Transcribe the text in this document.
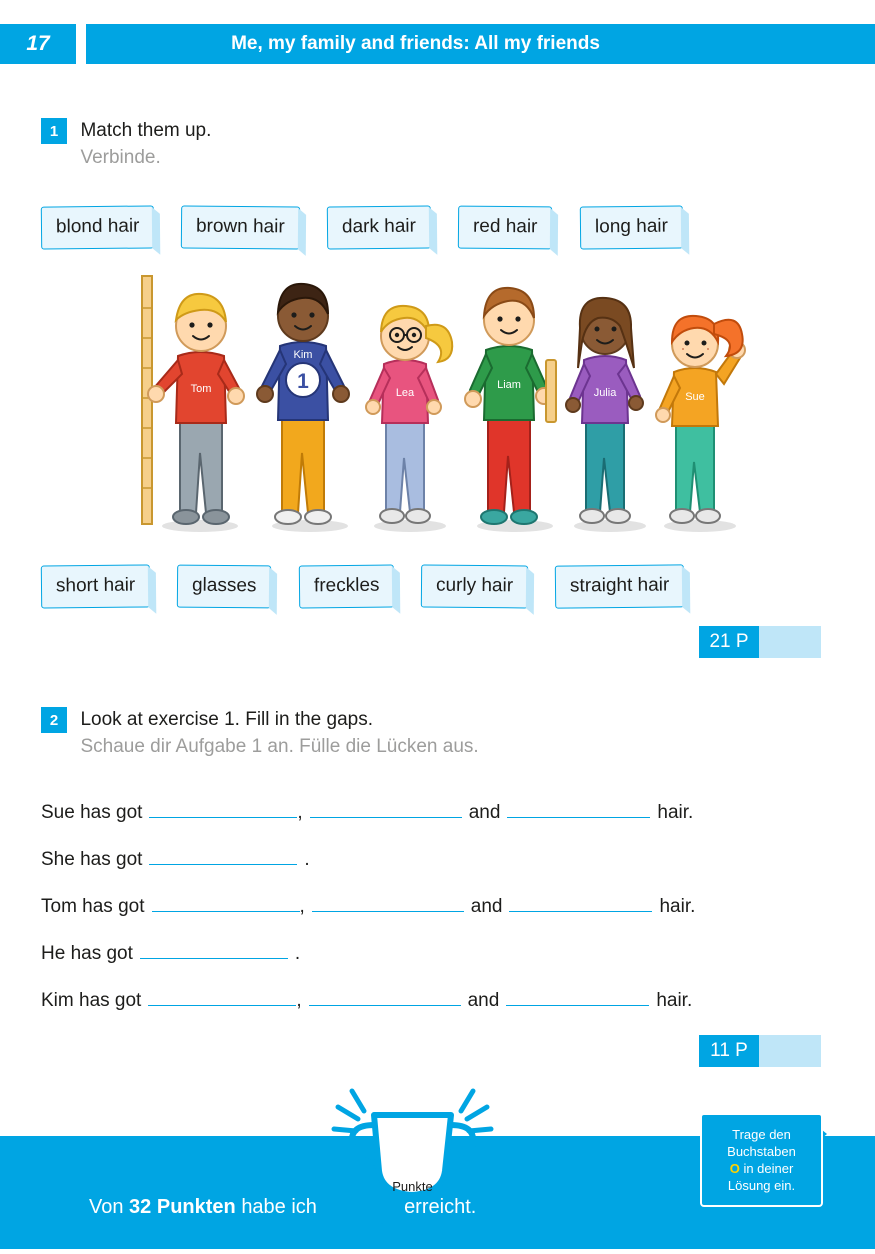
17	Me, my family and friends: All my friends
1 Match them up.
Verbinde.
blond hair	brown hair	dark hair	red hair	long hair
Tom	1
Kim
Lea
Liam
Julia	Sue
short hair	glasses	freckles	curly hair	straight hair
21 P
2 Look at exercise 1. Fill in the gaps.
Schaue dir Aufgabe 1 an. Fülle die Lücken aus.
Sue has got	,	and	hair.
She has got	.
Tom has got	,	and	hair.
He has got	.
Kim has got	,	and	hair.
11 P
Punkte
Von 32 Punkten habe ich	erreicht.
Trage den
Buchstaben
O in deiner
Lösung ein.
